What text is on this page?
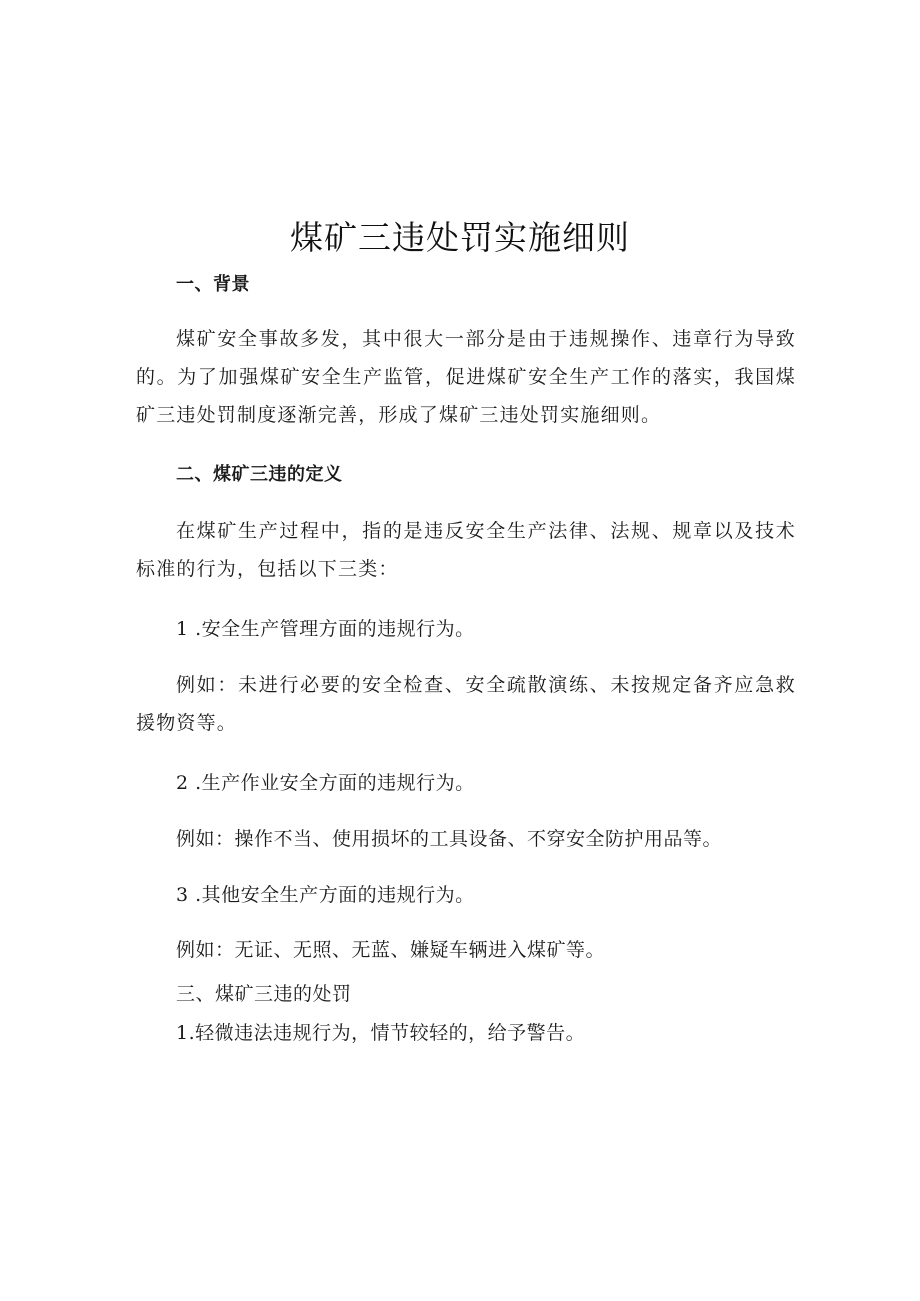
煤矿三违处罚实施细则
一、背景

煤矿安全事故多发，其中很大一部分是由于违规操作、违章行为导致的。为了加强煤矿安全生产监管，促进煤矿安全生产工作的落实，我国煤矿三违处罚制度逐渐完善，形成了煤矿三违处罚实施细则。

二、煤矿三违的定义

在煤矿生产过程中，指的是违反安全生产法律、法规、规章以及技术标准的行为，包括以下三类：

1 .安全生产管理方面的违规行为。

例如：未进行必要的安全检查、安全疏散演练、未按规定备齐应急救援物资等。

2 .生产作业安全方面的违规行为。
例如：操作不当、使用损坏的工具设备、不穿安全防护用品等。
3 .其他安全生产方面的违规行为。
例如：无证、无照、无蓝、嫌疑车辆进入煤矿等。
三、煤矿三违的处罚
1.轻微违法违规行为，情节较轻的，给予警告。
